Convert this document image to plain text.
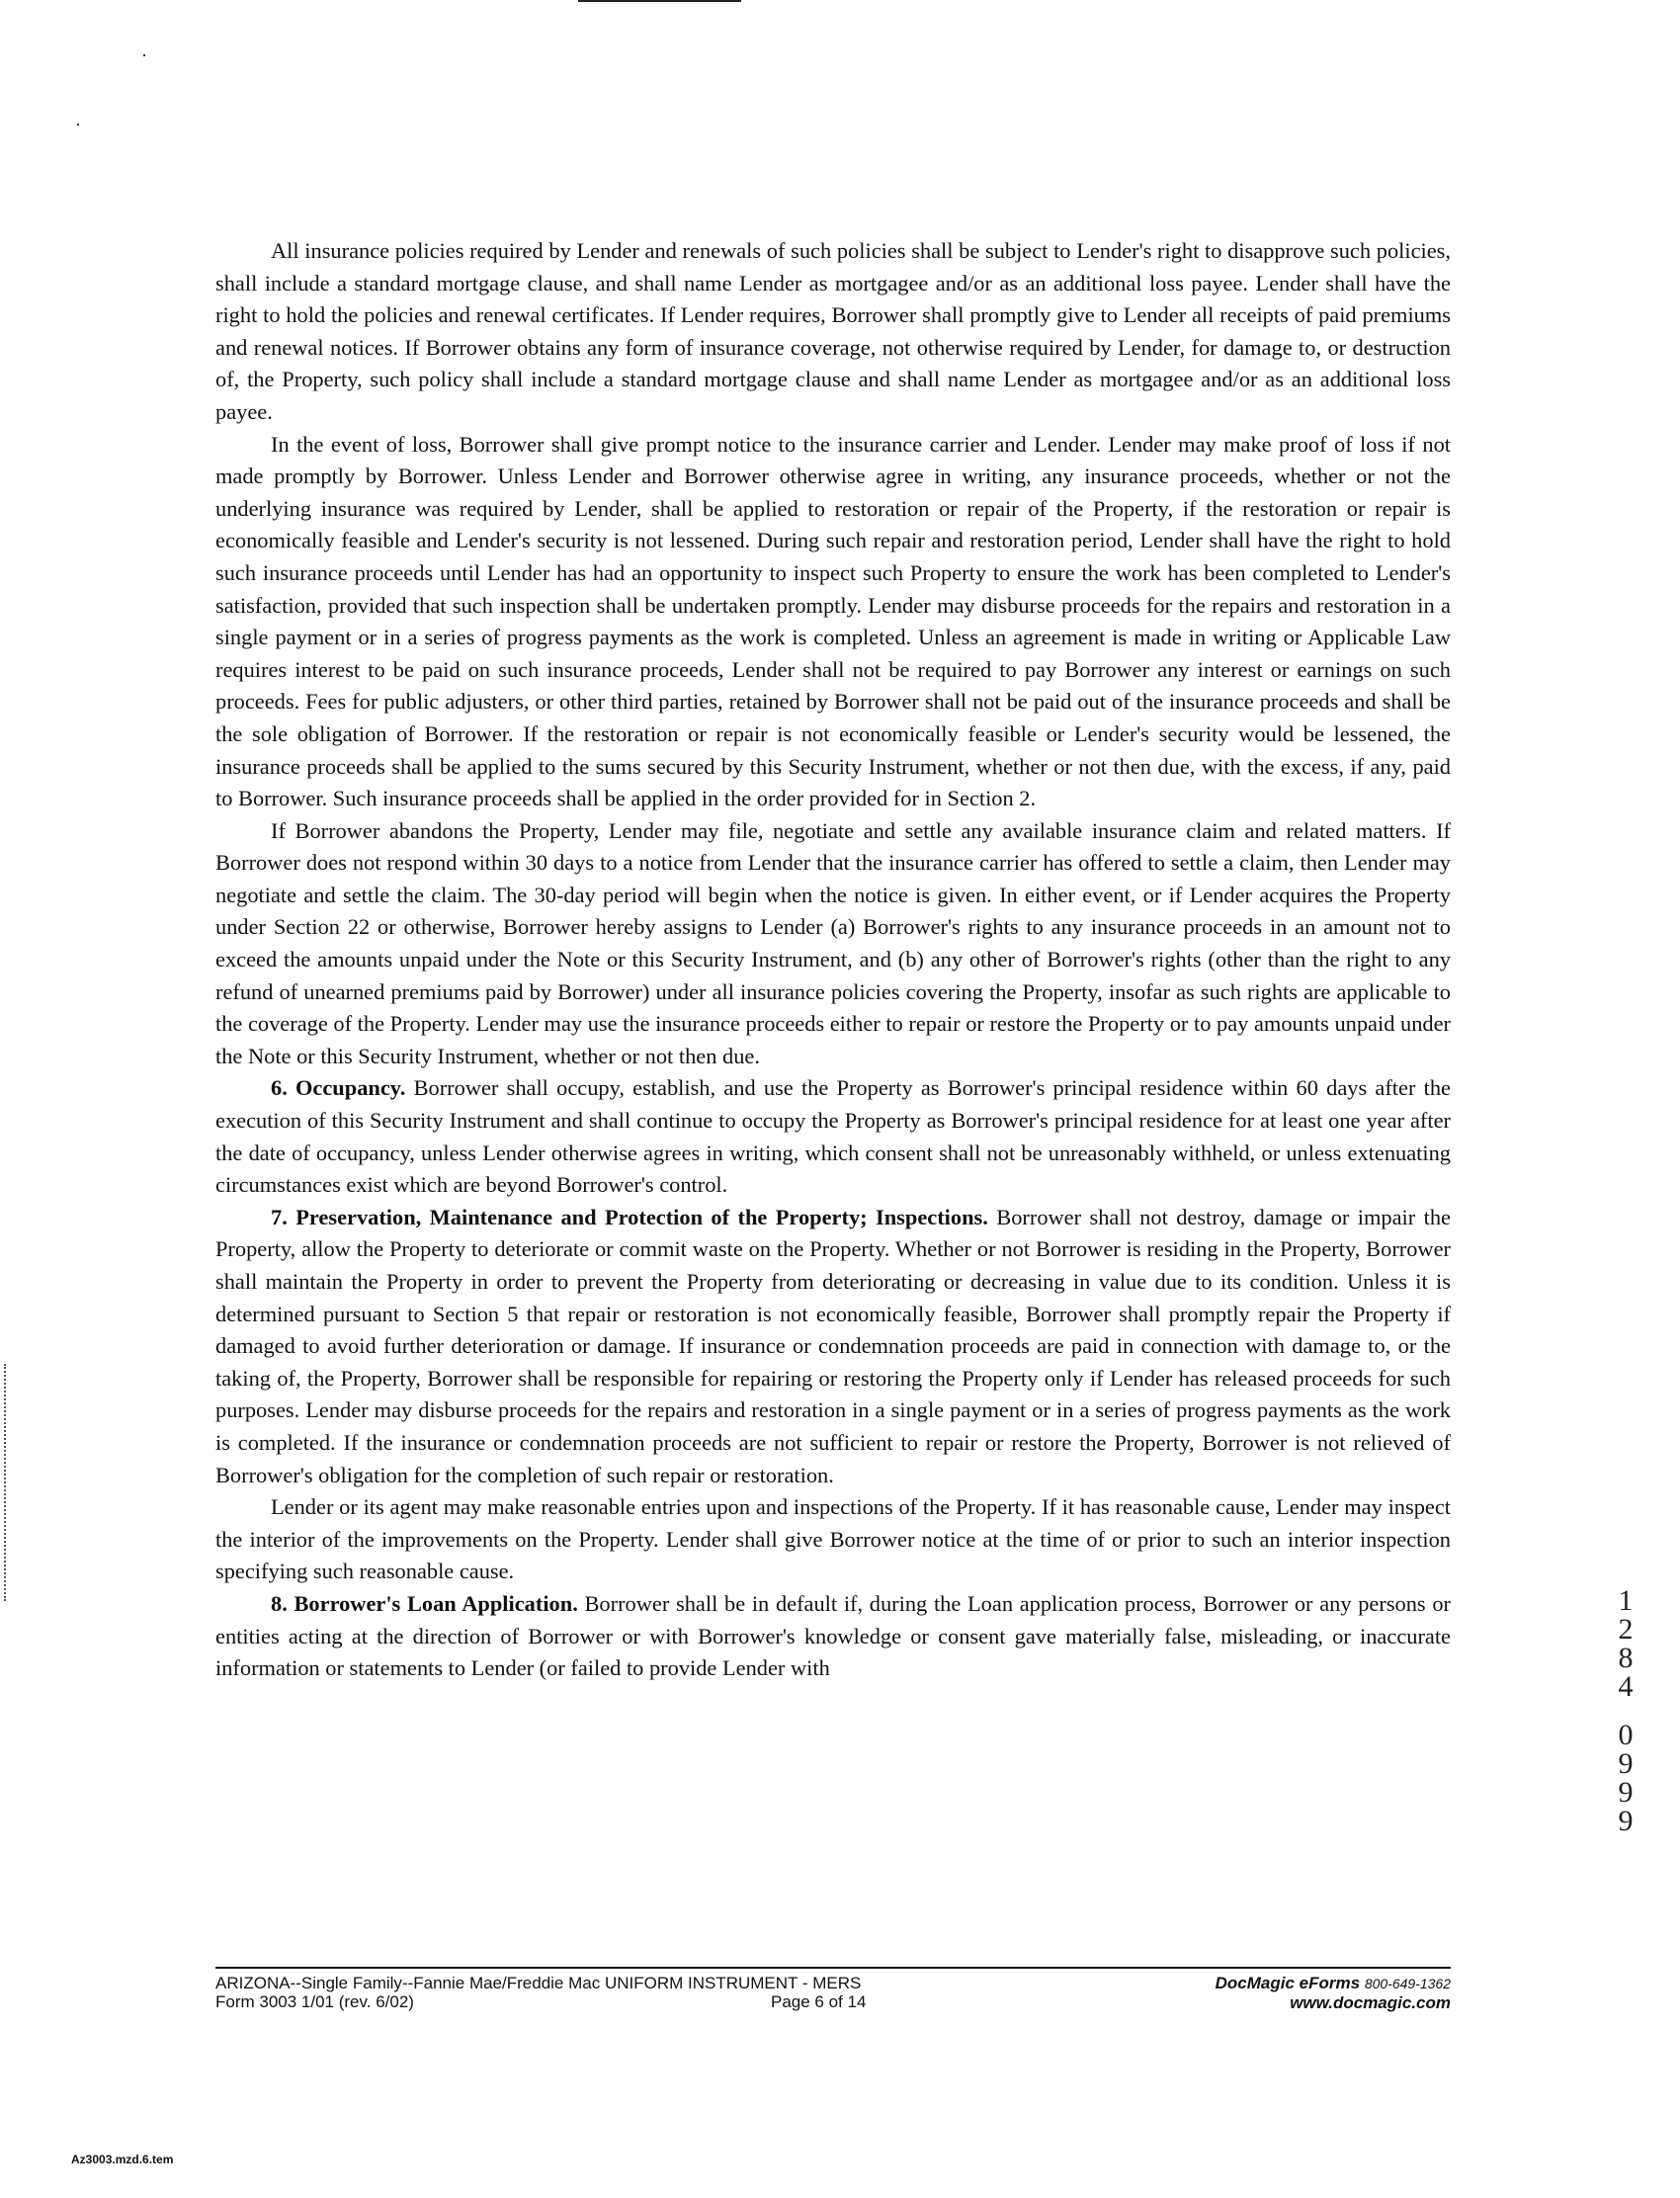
All insurance policies required by Lender and renewals of such policies shall be subject to Lender's right to disapprove such policies, shall include a standard mortgage clause, and shall name Lender as mortgagee and/or as an additional loss payee. Lender shall have the right to hold the policies and renewal certificates. If Lender requires, Borrower shall promptly give to Lender all receipts of paid premiums and renewal notices. If Borrower obtains any form of insurance coverage, not otherwise required by Lender, for damage to, or destruction of, the Property, such policy shall include a standard mortgage clause and shall name Lender as mortgagee and/or as an additional loss payee.

In the event of loss, Borrower shall give prompt notice to the insurance carrier and Lender. Lender may make proof of loss if not made promptly by Borrower. Unless Lender and Borrower otherwise agree in writing, any insurance proceeds, whether or not the underlying insurance was required by Lender, shall be applied to restoration or repair of the Property, if the restoration or repair is economically feasible and Lender's security is not lessened. During such repair and restoration period, Lender shall have the right to hold such insurance proceeds until Lender has had an opportunity to inspect such Property to ensure the work has been completed to Lender's satisfaction, provided that such inspection shall be undertaken promptly. Lender may disburse proceeds for the repairs and restoration in a single payment or in a series of progress payments as the work is completed. Unless an agreement is made in writing or Applicable Law requires interest to be paid on such insurance proceeds, Lender shall not be required to pay Borrower any interest or earnings on such proceeds. Fees for public adjusters, or other third parties, retained by Borrower shall not be paid out of the insurance proceeds and shall be the sole obligation of Borrower. If the restoration or repair is not economically feasible or Lender's security would be lessened, the insurance proceeds shall be applied to the sums secured by this Security Instrument, whether or not then due, with the excess, if any, paid to Borrower. Such insurance proceeds shall be applied in the order provided for in Section 2.

If Borrower abandons the Property, Lender may file, negotiate and settle any available insurance claim and related matters. If Borrower does not respond within 30 days to a notice from Lender that the insurance carrier has offered to settle a claim, then Lender may negotiate and settle the claim. The 30-day period will begin when the notice is given. In either event, or if Lender acquires the Property under Section 22 or otherwise, Borrower hereby assigns to Lender (a) Borrower's rights to any insurance proceeds in an amount not to exceed the amounts unpaid under the Note or this Security Instrument, and (b) any other of Borrower's rights (other than the right to any refund of unearned premiums paid by Borrower) under all insurance policies covering the Property, insofar as such rights are applicable to the coverage of the Property. Lender may use the insurance proceeds either to repair or restore the Property or to pay amounts unpaid under the Note or this Security Instrument, whether or not then due.

6. Occupancy. Borrower shall occupy, establish, and use the Property as Borrower's principal residence within 60 days after the execution of this Security Instrument and shall continue to occupy the Property as Borrower's principal residence for at least one year after the date of occupancy, unless Lender otherwise agrees in writing, which consent shall not be unreasonably withheld, or unless extenuating circumstances exist which are beyond Borrower's control.

7. Preservation, Maintenance and Protection of the Property; Inspections. Borrower shall not destroy, damage or impair the Property, allow the Property to deteriorate or commit waste on the Property. Whether or not Borrower is residing in the Property, Borrower shall maintain the Property in order to prevent the Property from deteriorating or decreasing in value due to its condition. Unless it is determined pursuant to Section 5 that repair or restoration is not economically feasible, Borrower shall promptly repair the Property if damaged to avoid further deterioration or damage. If insurance or condemnation proceeds are paid in connection with damage to, or the taking of, the Property, Borrower shall be responsible for repairing or restoring the Property only if Lender has released proceeds for such purposes. Lender may disburse proceeds for the repairs and restoration in a single payment or in a series of progress payments as the work is completed. If the insurance or condemnation proceeds are not sufficient to repair or restore the Property, Borrower is not relieved of Borrower's obligation for the completion of such repair or restoration.

Lender or its agent may make reasonable entries upon and inspections of the Property. If it has reasonable cause, Lender may inspect the interior of the improvements on the Property. Lender shall give Borrower notice at the time of or prior to such an interior inspection specifying such reasonable cause.

8. Borrower's Loan Application. Borrower shall be in default if, during the Loan application process, Borrower or any persons or entities acting at the direction of Borrower or with Borrower's knowledge or consent gave materially false, misleading, or inaccurate information or statements to Lender (or failed to provide Lender with

1284
0999
ARIZONA--Single Family--Fannie Mae/Freddie Mac UNIFORM INSTRUMENT - MERS
Form 3003 1/01 (rev. 6/02)	Page 6 of 14
DocMagic eForms 800-649-1362
www.docmagic.com
Az3003.mzd.6.tem
